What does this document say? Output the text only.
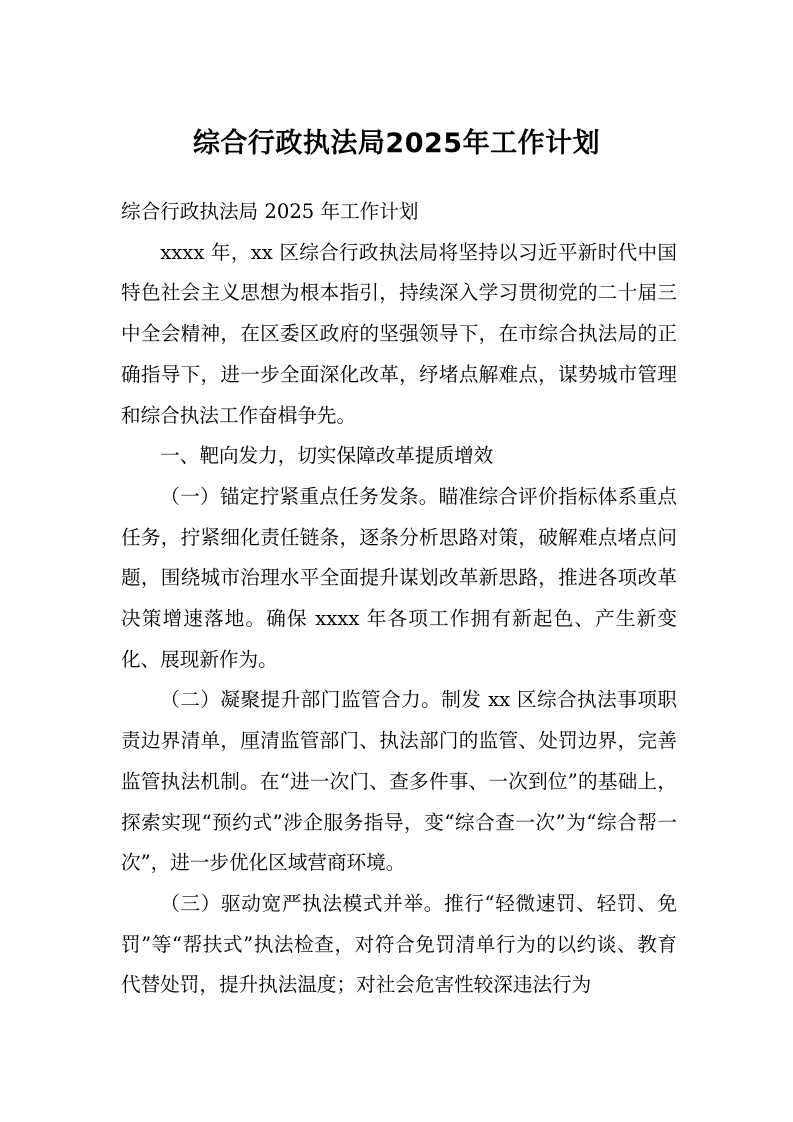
综合行政执法局2025年工作计划

综合行政执法局 2025 年工作计划

xxxx 年，xx 区综合行政执法局将坚持以习近平新时代中国特色社会主义思想为根本指引，持续深入学习贯彻党的二十届三中全会精神，在区委区政府的坚强领导下，在市综合执法局的正确指导下，进一步全面深化改革，纾堵点解难点，谋势城市管理和综合执法工作奋楫争先。

一、靶向发力，切实保障改革提质增效

（一）锚定拧紧重点任务发条。瞄准综合评价指标体系重点任务，拧紧细化责任链条，逐条分析思路对策，破解难点堵点问题，围绕城市治理水平全面提升谋划改革新思路，推进各项改革决策增速落地。确保 xxxx 年各项工作拥有新起色、产生新变化、展现新作为。

（二）凝聚提升部门监管合力。制发 xx 区综合执法事项职责边界清单，厘清监管部门、执法部门的监管、处罚边界，完善监管执法机制。在“进一次门、查多件事、一次到位”的基础上，探索实现“预约式”涉企服务指导，变“综合查一次”为“综合帮一次”，进一步优化区域营商环境。

（三）驱动宽严执法模式并举。推行“轻微速罚、轻罚、免罚”等“帮扶式”执法检查，对符合免罚清单行为的以约谈、教育代替处罚，提升执法温度；对社会危害性较深违法行为
